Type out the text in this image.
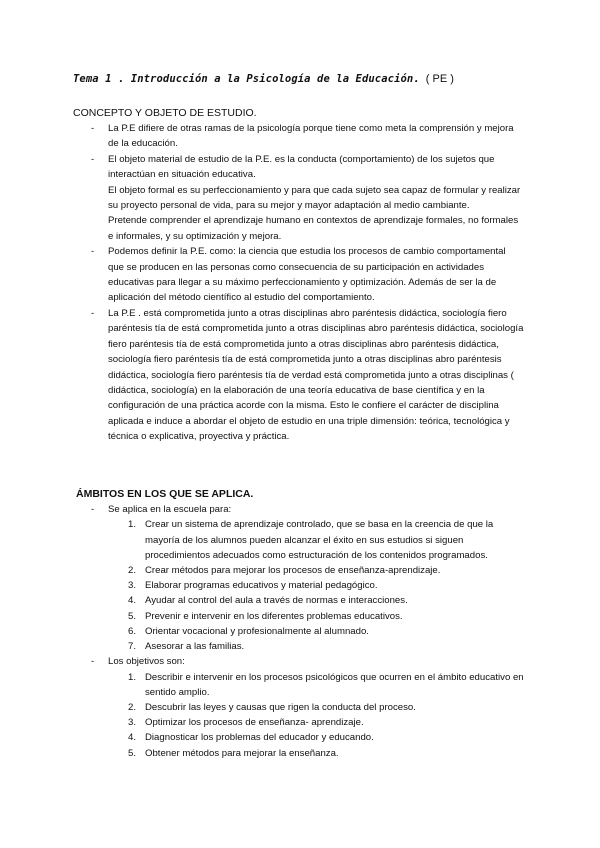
Tema 1 . Introducción a la Psicología de la Educación. ( PE )
CONCEPTO Y OBJETO DE ESTUDIO.
- La P.E difiere de otras ramas de la psicología porque tiene como meta la comprensión y mejora de la educación.
- El objeto material de estudio de la P.E. es la conducta (comportamiento) de los sujetos que interactúan en situación educativa.
El objeto formal es su perfeccionamiento y para que cada sujeto sea capaz de formular y realizar su proyecto personal de vida, para su mejor y mayor adaptación al medio cambiante.
Pretende comprender el aprendizaje humano en contextos de aprendizaje formales, no formales e informales, y su optimización y mejora.
- Podemos definir la P.E. como: la ciencia que estudia los procesos de cambio comportamental que se producen en las personas como consecuencia de su participación en actividades educativas para llegar a su máximo perfeccionamiento y optimización. Además de ser la de aplicación del método científico al estudio del comportamiento.
- La P.E . está comprometida junto a otras disciplinas abro paréntesis didáctica, sociología fiero paréntesis tía de está comprometida junto a otras disciplinas abro paréntesis didáctica, sociología fiero paréntesis tía de está comprometida junto a otras disciplinas abro paréntesis didáctica, sociología fiero paréntesis tía de está comprometida junto a otras disciplinas abro paréntesis didáctica, sociología fiero paréntesis tía de verdad está comprometida junto a otras disciplinas ( didáctica, sociología) en la elaboración de una teoría educativa de base científica y en la configuración de una práctica acorde con la misma. Esto le confiere el carácter de disciplina aplicada e induce a abordar el objeto de estudio en una triple dimensión: teórica, tecnológica y técnica o explicativa, proyectiva y práctica.
ÁMBITOS EN LOS QUE SE APLICA.
- Se aplica en la escuela para:
1. Crear un sistema de aprendizaje controlado, que se basa en la creencia de que la mayoría de los alumnos pueden alcanzar el éxito en sus estudios si siguen procedimientos adecuados como estructuración de los contenidos programados.
2. Crear métodos para mejorar los procesos de enseñanza-aprendizaje.
3. Elaborar programas educativos y material pedagógico.
4. Ayudar al control del aula a través de normas e interacciones.
5. Prevenir e intervenir en los diferentes problemas educativos.
6. Orientar vocacional y profesionalmente al alumnado.
7. Asesorar a las familias.
- Los objetivos son:
1. Describir e intervenir en los procesos psicológicos que ocurren en el ámbito educativo en sentido amplio.
2. Descubrir las leyes y causas que rigen la conducta del proceso.
3. Optimizar los procesos de enseñanza- aprendizaje.
4. Diagnosticar los problemas del educador y educando.
5. Obtener métodos para mejorar la enseñanza.
